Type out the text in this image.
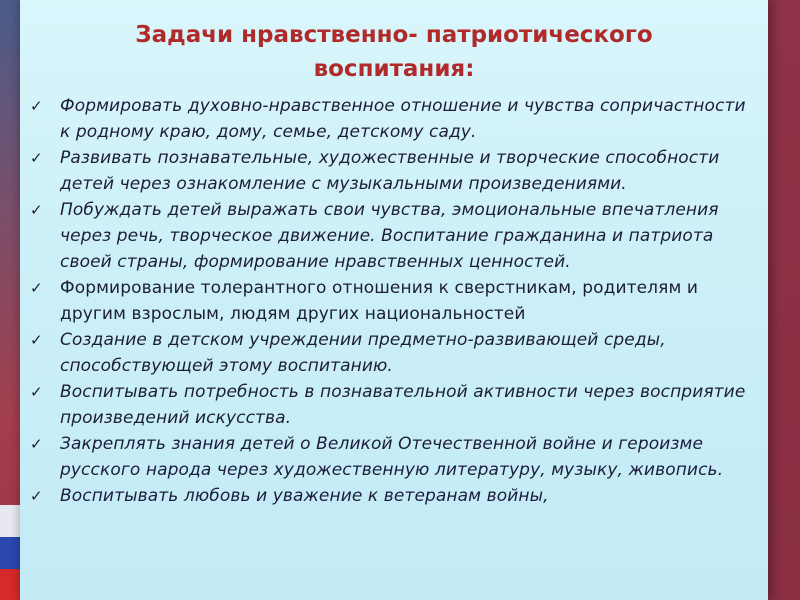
Задачи нравственно- патриотического
воспитания:
✓	Формировать духовно-нравственное отношение и чувства сопричастности к родному краю, дому, семье, детскому саду.
✓	Развивать познавательные, художественные и творческие способности детей через ознакомление с музыкальными произведениями.
✓	Побуждать детей выражать свои чувства, эмоциональные впечатления через речь, творческое движение. Воспитание гражданина и патриота своей страны, формирование нравственных ценностей.
✓	Формирование толерантного отношения к сверстникам, родителям и другим взрослым, людям других национальностей
✓	Создание в детском учреждении предметно-развивающей среды, способствующей этому воспитанию.
✓	Воспитывать потребность в познавательной активности через восприятие произведений искусства.
✓	Закреплять знания детей о Великой Отечественной войне и героизме русского народа через художественную литературу, музыку, живопись.
✓	Воспитывать любовь и уважение к ветеранам войны,
